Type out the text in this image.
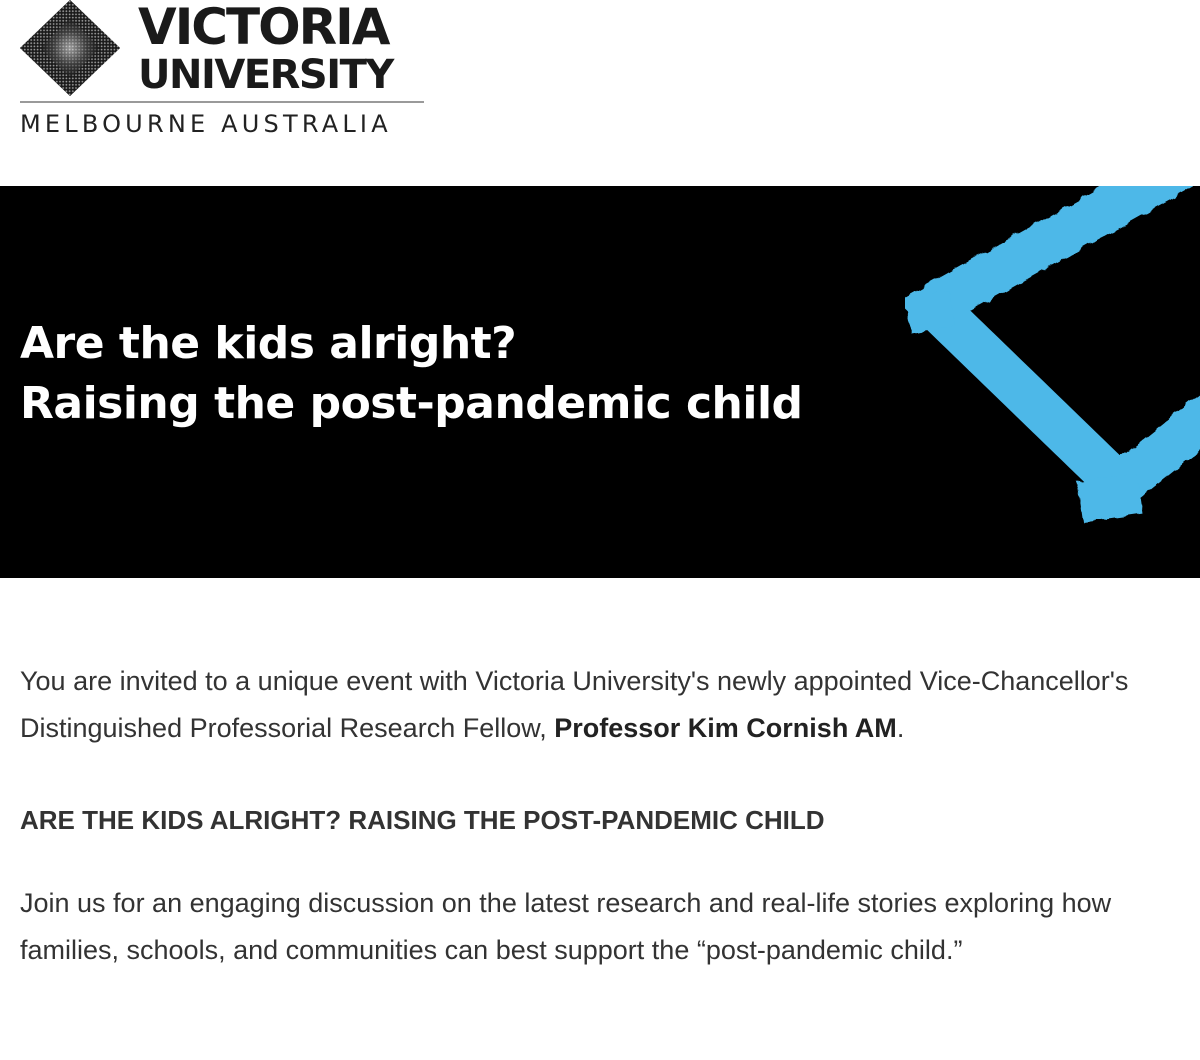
VICTORIA
UNIVERSITY
MELBOURNE AUSTRALIA
Are the kids alright?
Raising the post-pandemic child

You are invited to a unique event with Victoria University's newly appointed Vice-Chancellor's Distinguished Professorial Research Fellow, Professor Kim Cornish AM.

ARE THE KIDS ALRIGHT? RAISING THE POST-PANDEMIC CHILD

Join us for an engaging discussion on the latest research and real-life stories exploring how families, schools, and communities can best support the “post-pandemic child.”
